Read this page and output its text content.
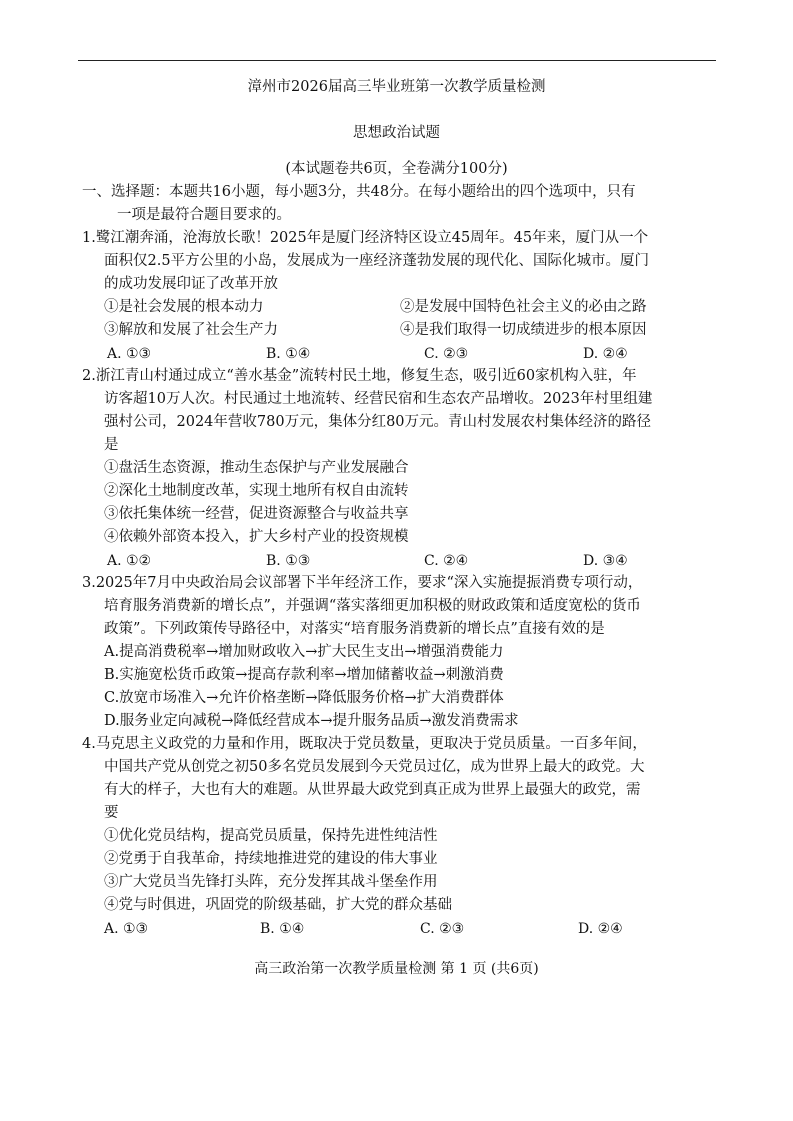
漳州市2026届高三毕业班第一次教学质量检测
思想政治试题
(本试题卷共6页，全卷满分100分)
一、选择题：本题共16小题，每小题3分，共48分。在每小题给出的四个选项中，只有
一项是最符合题目要求的。
1.鹭江潮奔涌，沧海放长歌！2025年是厦门经济特区设立45周年。45年来，厦门从一个
面积仅2.5平方公里的小岛，发展成为一座经济蓬勃发展的现代化、国际化城市。厦门
的成功发展印证了改革开放
①是社会发展的根本动力	②是发展中国特色社会主义的必由之路
③解放和发展了社会生产力	④是我们取得一切成绩进步的根本原因
A. ①③	B. ①④	C. ②③	D. ②④
2.浙江青山村通过成立“善水基金”流转村民土地，修复生态，吸引近60家机构入驻，年
访客超10万人次。村民通过土地流转、经营民宿和生态农产品增收。2023年村里组建
强村公司，2024年营收780万元，集体分红80万元。青山村发展农村集体经济的路径
是
①盘活生态资源，推动生态保护与产业发展融合
②深化土地制度改革，实现土地所有权自由流转
③依托集体统一经营，促进资源整合与收益共享
④依赖外部资本投入，扩大乡村产业的投资规模
A. ①②	B. ①③	C. ②④	D. ③④
3.2025年7月中央政治局会议部署下半年经济工作，要求“深入实施提振消费专项行动，
培育服务消费新的增长点”，并强调“落实落细更加积极的财政政策和适度宽松的货币
政策”。下列政策传导路径中，对落实“培育服务消费新的增长点”直接有效的是
A.提高消费税率→增加财政收入→扩大民生支出→增强消费能力
B.实施宽松货币政策→提高存款利率→增加储蓄收益→刺激消费
C.放宽市场准入→允许价格垄断→降低服务价格→扩大消费群体
D.服务业定向减税→降低经营成本→提升服务品质→激发消费需求
4.马克思主义政党的力量和作用，既取决于党员数量，更取决于党员质量。一百多年间，
中国共产党从创党之初50多名党员发展到今天党员过亿，成为世界上最大的政党。大
有大的样子，大也有大的难题。从世界最大政党到真正成为世界上最强大的政党，需
要
①优化党员结构，提高党员质量，保持先进性纯洁性
②党勇于自我革命，持续地推进党的建设的伟大事业
③广大党员当先锋打头阵，充分发挥其战斗堡垒作用
④党与时俱进，巩固党的阶级基础，扩大党的群众基础
A. ①③	B. ①④	C. ②③	D. ②④
高三政治第一次教学质量检测 第 1 页 (共6页)
